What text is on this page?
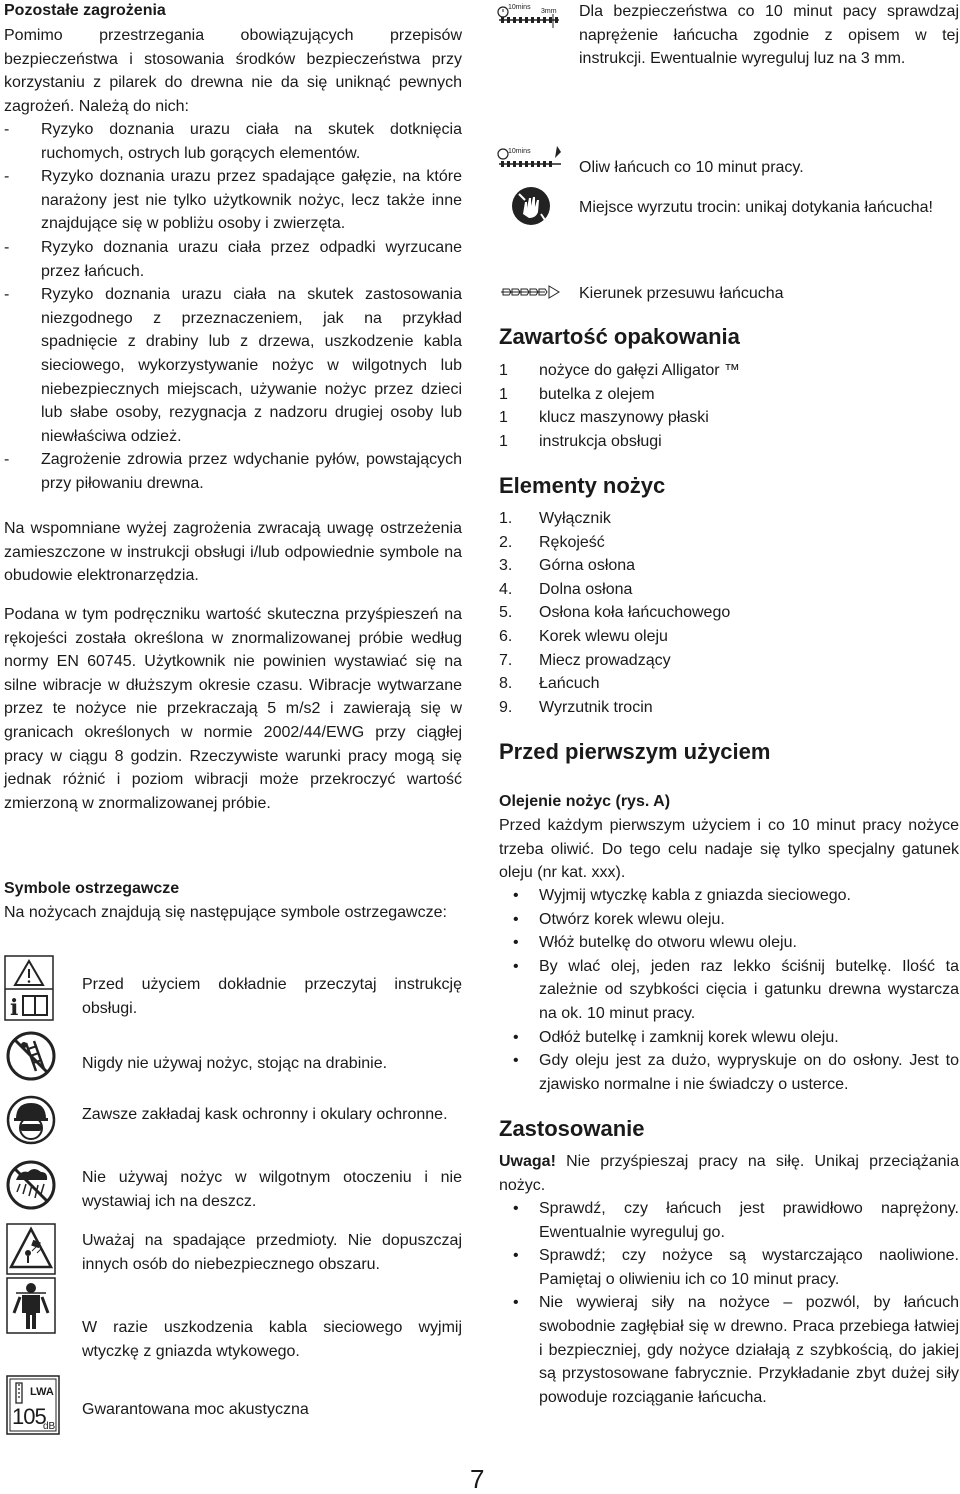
Pozostałe zagrożenia

Pomimo przestrzegania obowiązujących przepisów bezpieczeństwa i stosowania środków bezpieczeństwa przy korzystaniu z pilarek do drewna nie da się uniknąć pewnych zagrożeń. Należą do nich:

-	Ryzyko doznania urazu ciała na skutek dotknięcia ruchomych, ostrych lub gorących elementów.
-	Ryzyko doznania urazu przez spadające gałęzie, na które narażony jest nie tylko użytkownik nożyc, lecz także inne znajdujące się w pobliżu osoby i zwierzęta.
-	Ryzyko doznania urazu ciała przez odpadki wyrzucane przez łańcuch.
-	Ryzyko doznania urazu ciała na skutek zastosowania niezgodnego z przeznaczeniem, jak na przykład spadnięcie z drabiny lub z drzewa, uszkodzenie kabla sieciowego, wykorzystywanie nożyc w wilgotnych lub niebezpiecznych miejscach, używanie nożyc przez dzieci lub słabe osoby, rezygnacja z nadzoru drugiej osoby lub niewłaściwa odzież.
-	Zagrożenie zdrowia przez wdychanie pyłów, powstających przy piłowaniu drewna.

Na wspomniane wyżej zagrożenia zwracają uwagę ostrzeżenia zamieszczone w instrukcji obsługi i/lub odpowiednie symbole na obudowie elektronarzędzia.

Podana w tym podręczniku wartość skuteczna przyśpieszeń na rękojeści została określona w znormalizowanej próbie według normy EN 60745. Użytkownik nie powinien wystawiać się na silne wibracje w dłuższym okresie czasu. Wibracje wytwarzane przez te nożyce nie przekraczają 5 m/s2 i zawierają się w granicach określonych w normie 2002/44/EWG przy ciągłej pracy w ciągu 8 godzin. Rzeczywiste warunki pracy mogą się jednak różnić i poziom wibracji może przekroczyć wartość zmierzoną w znormalizowanej próbie.

Symbole ostrzegawcze

Na nożycach znajdują się następujące symbole ostrzegawcze:

i
Przed użyciem dokładnie przeczytaj instrukcję obsługi.
Nigdy nie używaj nożyc, stojąc na drabinie.
Zawsze zakładaj kask ochronny i okulary ochronne.
Nie używaj nożyc w wilgotnym otoczeniu i nie wystawiaj ich na deszcz.
Uważaj na spadające przedmioty. Nie dopuszczaj innych osób do niebezpiecznego obszaru.
W razie uszkodzenia kabla sieciowego wyjmij wtyczkę z gniazda wtykowego.
LWA
105
dB
Gwarantowana moc akustyczna
10mins
3mm Dla bezpieczeństwa co 10 minut pacy sprawdzaj naprężenie łańcucha zgodnie z opisem w tej instrukcji. Ewentualnie wyreguluj luz na 3 mm.

10mins

Oliw łańcuch co 10 minut pracy.

Miejsce wyrzutu trocin: unikaj dotykania łańcucha!

Kierunek przesuwu łańcucha

Zawartość opakowania

1	nożyce do gałęzi Alligator ™
1	butelka z olejem
1	klucz maszynowy płaski
1	instrukcja obsługi

Elementy nożyc

1.	Wyłącznik
2.	Rękojeść
3.	Górna osłona
4.	Dolna osłona
5.	Osłona koła łańcuchowego
6.	Korek wlewu oleju
7.	Miecz prowadzący
8.	Łańcuch
9.	Wyrzutnik trocin

Przed pierwszym użyciem

Olejenie nożyc (rys. A)

Przed każdym pierwszym użyciem i co 10 minut pracy nożyce trzeba oliwić. Do tego celu nadaje się tylko specjalny gatunek oleju (nr kat. xxx).

•	Wyjmij wtyczkę kabla z gniazda sieciowego.
•	Otwórz korek wlewu oleju.
•	Włóż butelkę do otworu wlewu oleju.
•	By wlać olej, jeden raz lekko ściśnij butelkę. Ilość ta zależnie od szybkości cięcia i gatunku drewna wystarcza na ok. 10 minut pracy.
•	Odłóż butelkę i zamknij korek wlewu oleju.
•	Gdy oleju jest za dużo, wypryskuje on do osłony. Jest to zjawisko normalne i nie świadczy o usterce.

Zastosowanie

Uwaga! Nie przyśpieszaj pracy na siłę. Unikaj przeciążania nożyc.

•	Sprawdź, czy łańcuch jest prawidłowo naprężony. Ewentualnie wyreguluj go.
•	Sprawdź; czy nożyce są wystarczająco naoliwione. Pamiętaj o oliwieniu ich co 10 minut pracy.
•	Nie wywieraj siły na nożyce – pozwól, by łańcuch swobodnie zagłębiał się w drewno. Praca przebiega łatwiej i bezpieczniej, gdy nożyce działają z szybkością, do jakiej są przystosowane fabrycznie. Przykładanie zbyt dużej siły powoduje rozciąganie łańcucha.
7
